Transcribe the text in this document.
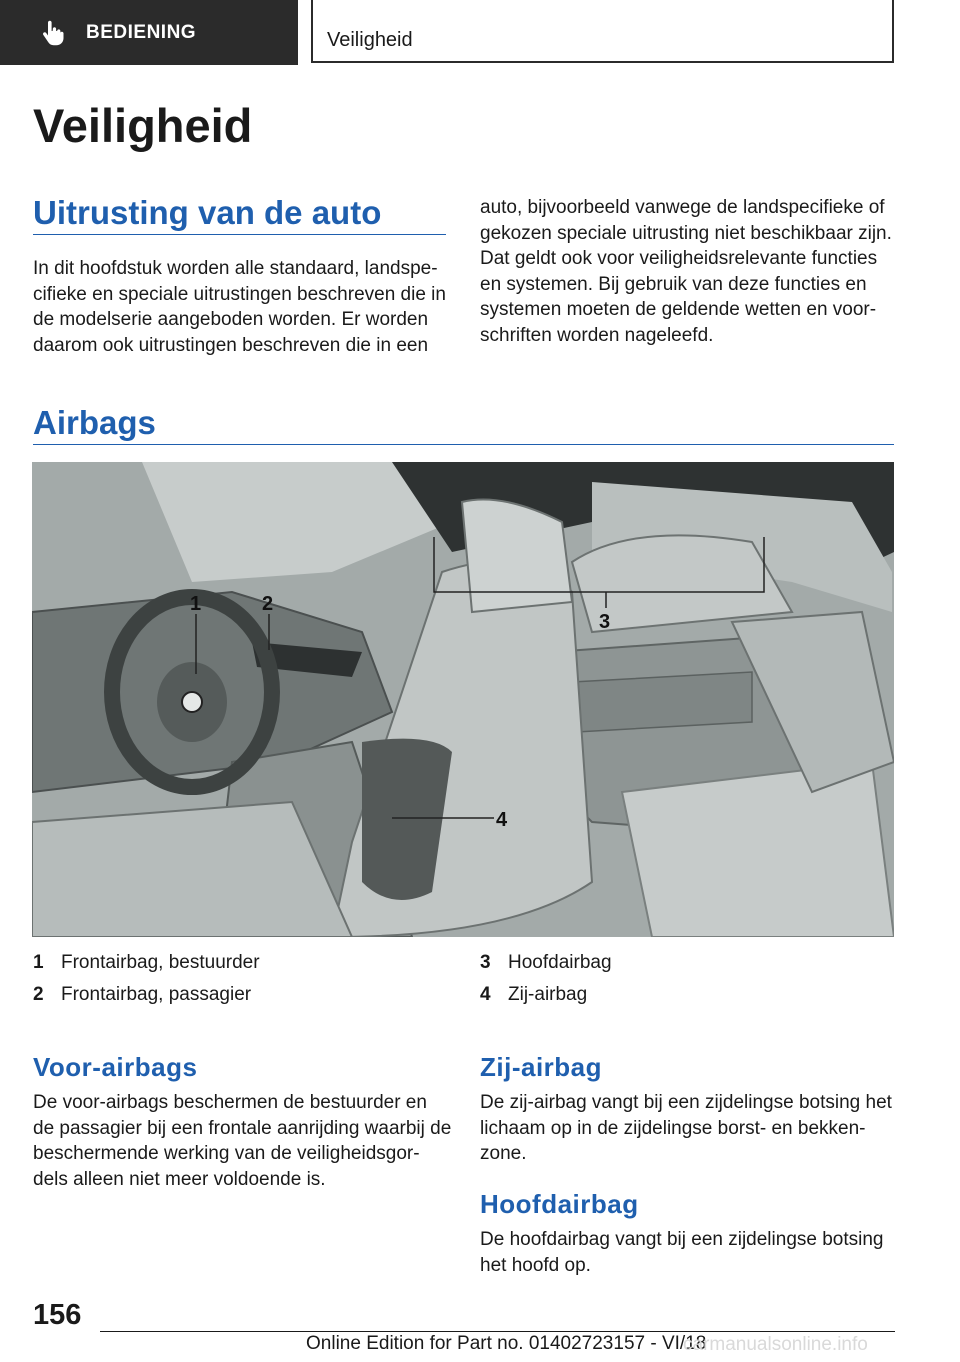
BEDIENING	Veiligheid
Veiligheid
Uitrusting van de auto

In dit hoofdstuk worden alle standaard, landspe-
cifieke en speciale uitrustingen beschreven die in
de modelserie aangeboden worden. Er worden
daarom ook uitrustingen beschreven die in een

auto, bijvoorbeeld vanwege de landspecifieke of
gekozen speciale uitrusting niet beschikbaar zijn.
Dat geldt ook voor veiligheidsrelevante functies
en systemen. Bij gebruik van deze functies en
systemen moeten de geldende wetten en voor-
schriften worden nageleefd.

Airbags
1	2
3
4
1 Frontairbag, bestuurder
2 Frontairbag, passagier
3 Hoofdairbag
4 Zij-airbag
Voor-airbags

De voor-airbags beschermen de bestuurder en
de passagier bij een frontale aanrijding waarbij de
beschermende werking van de veiligheidsgor-
dels alleen niet meer voldoende is.

Zij-airbag

De zij-airbag vangt bij een zijdelingse botsing het
lichaam op in de zijdelingse borst- en bekken-
zone.

Hoofdairbag

De hoofdairbag vangt bij een zijdelingse botsing
het hoofd op.

156
Online Edition for Part no. 01402723157 - VI/18
carmanualsonline.info
